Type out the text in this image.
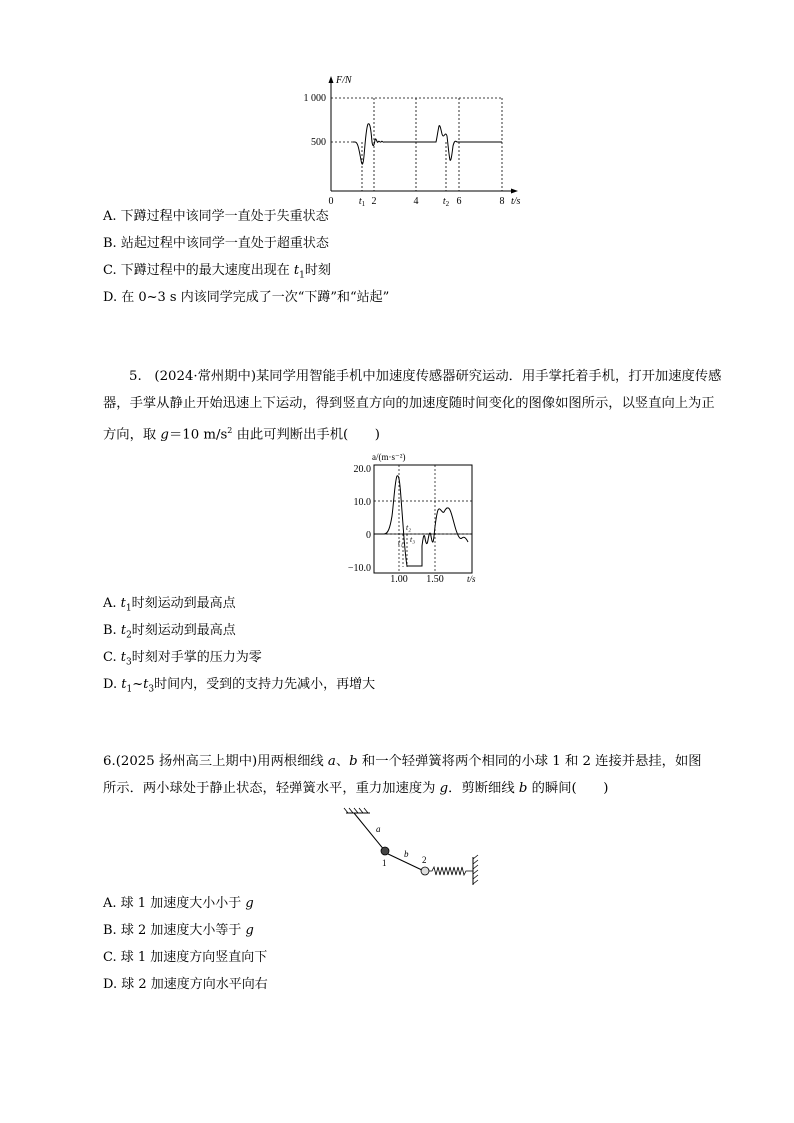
F/N
1 000
500
0	2	4	6	8
$t_1$	$t_2$	t/s
A. 下蹲过程中该同学一直处于失重状态
B. 站起过程中该同学一直处于超重状态
C. 下蹲过程中的最大速度出现在 $t_1$时刻
D. 在 0~3 s 内该同学完成了一次“下蹲”和“站起”
5. (2024·常州期中)某同学用智能手机中加速度传感器研究运动．用手掌托着手机，打开加速度传感
器，手掌从静止开始迅速上下运动，得到竖直方向的加速度随时间变化的图像如图所示，以竖直向上为正
方向，取 g＝10 $m/s^2$ 由此可判断出手机(　　)
a/(m·s⁻²)
20.0
10.0
0
−10.0
1.00 1.50	t/s
t₁
t₂
t₃
A. $t_1$时刻运动到最高点
B. $t_2$时刻运动到最高点
C. $t_3$时刻对手掌的压力为零
D. $t_1\sim t_3$时间内，受到的支持力先减小，再增大
6.(2025 扬州高三上期中)用两根细线 a、b 和一个轻弹簧将两个相同的小球 1 和 2 连接并悬挂，如图
所示．两小球处于静止状态，轻弹簧水平，重力加速度为 g．剪断细线 b 的瞬间(　　)
a
b
1	2
A. 球 1 加速度大小小于 g
B. 球 2 加速度大小等于 g
C. 球 1 加速度方向竖直向下
D. 球 2 加速度方向水平向右
